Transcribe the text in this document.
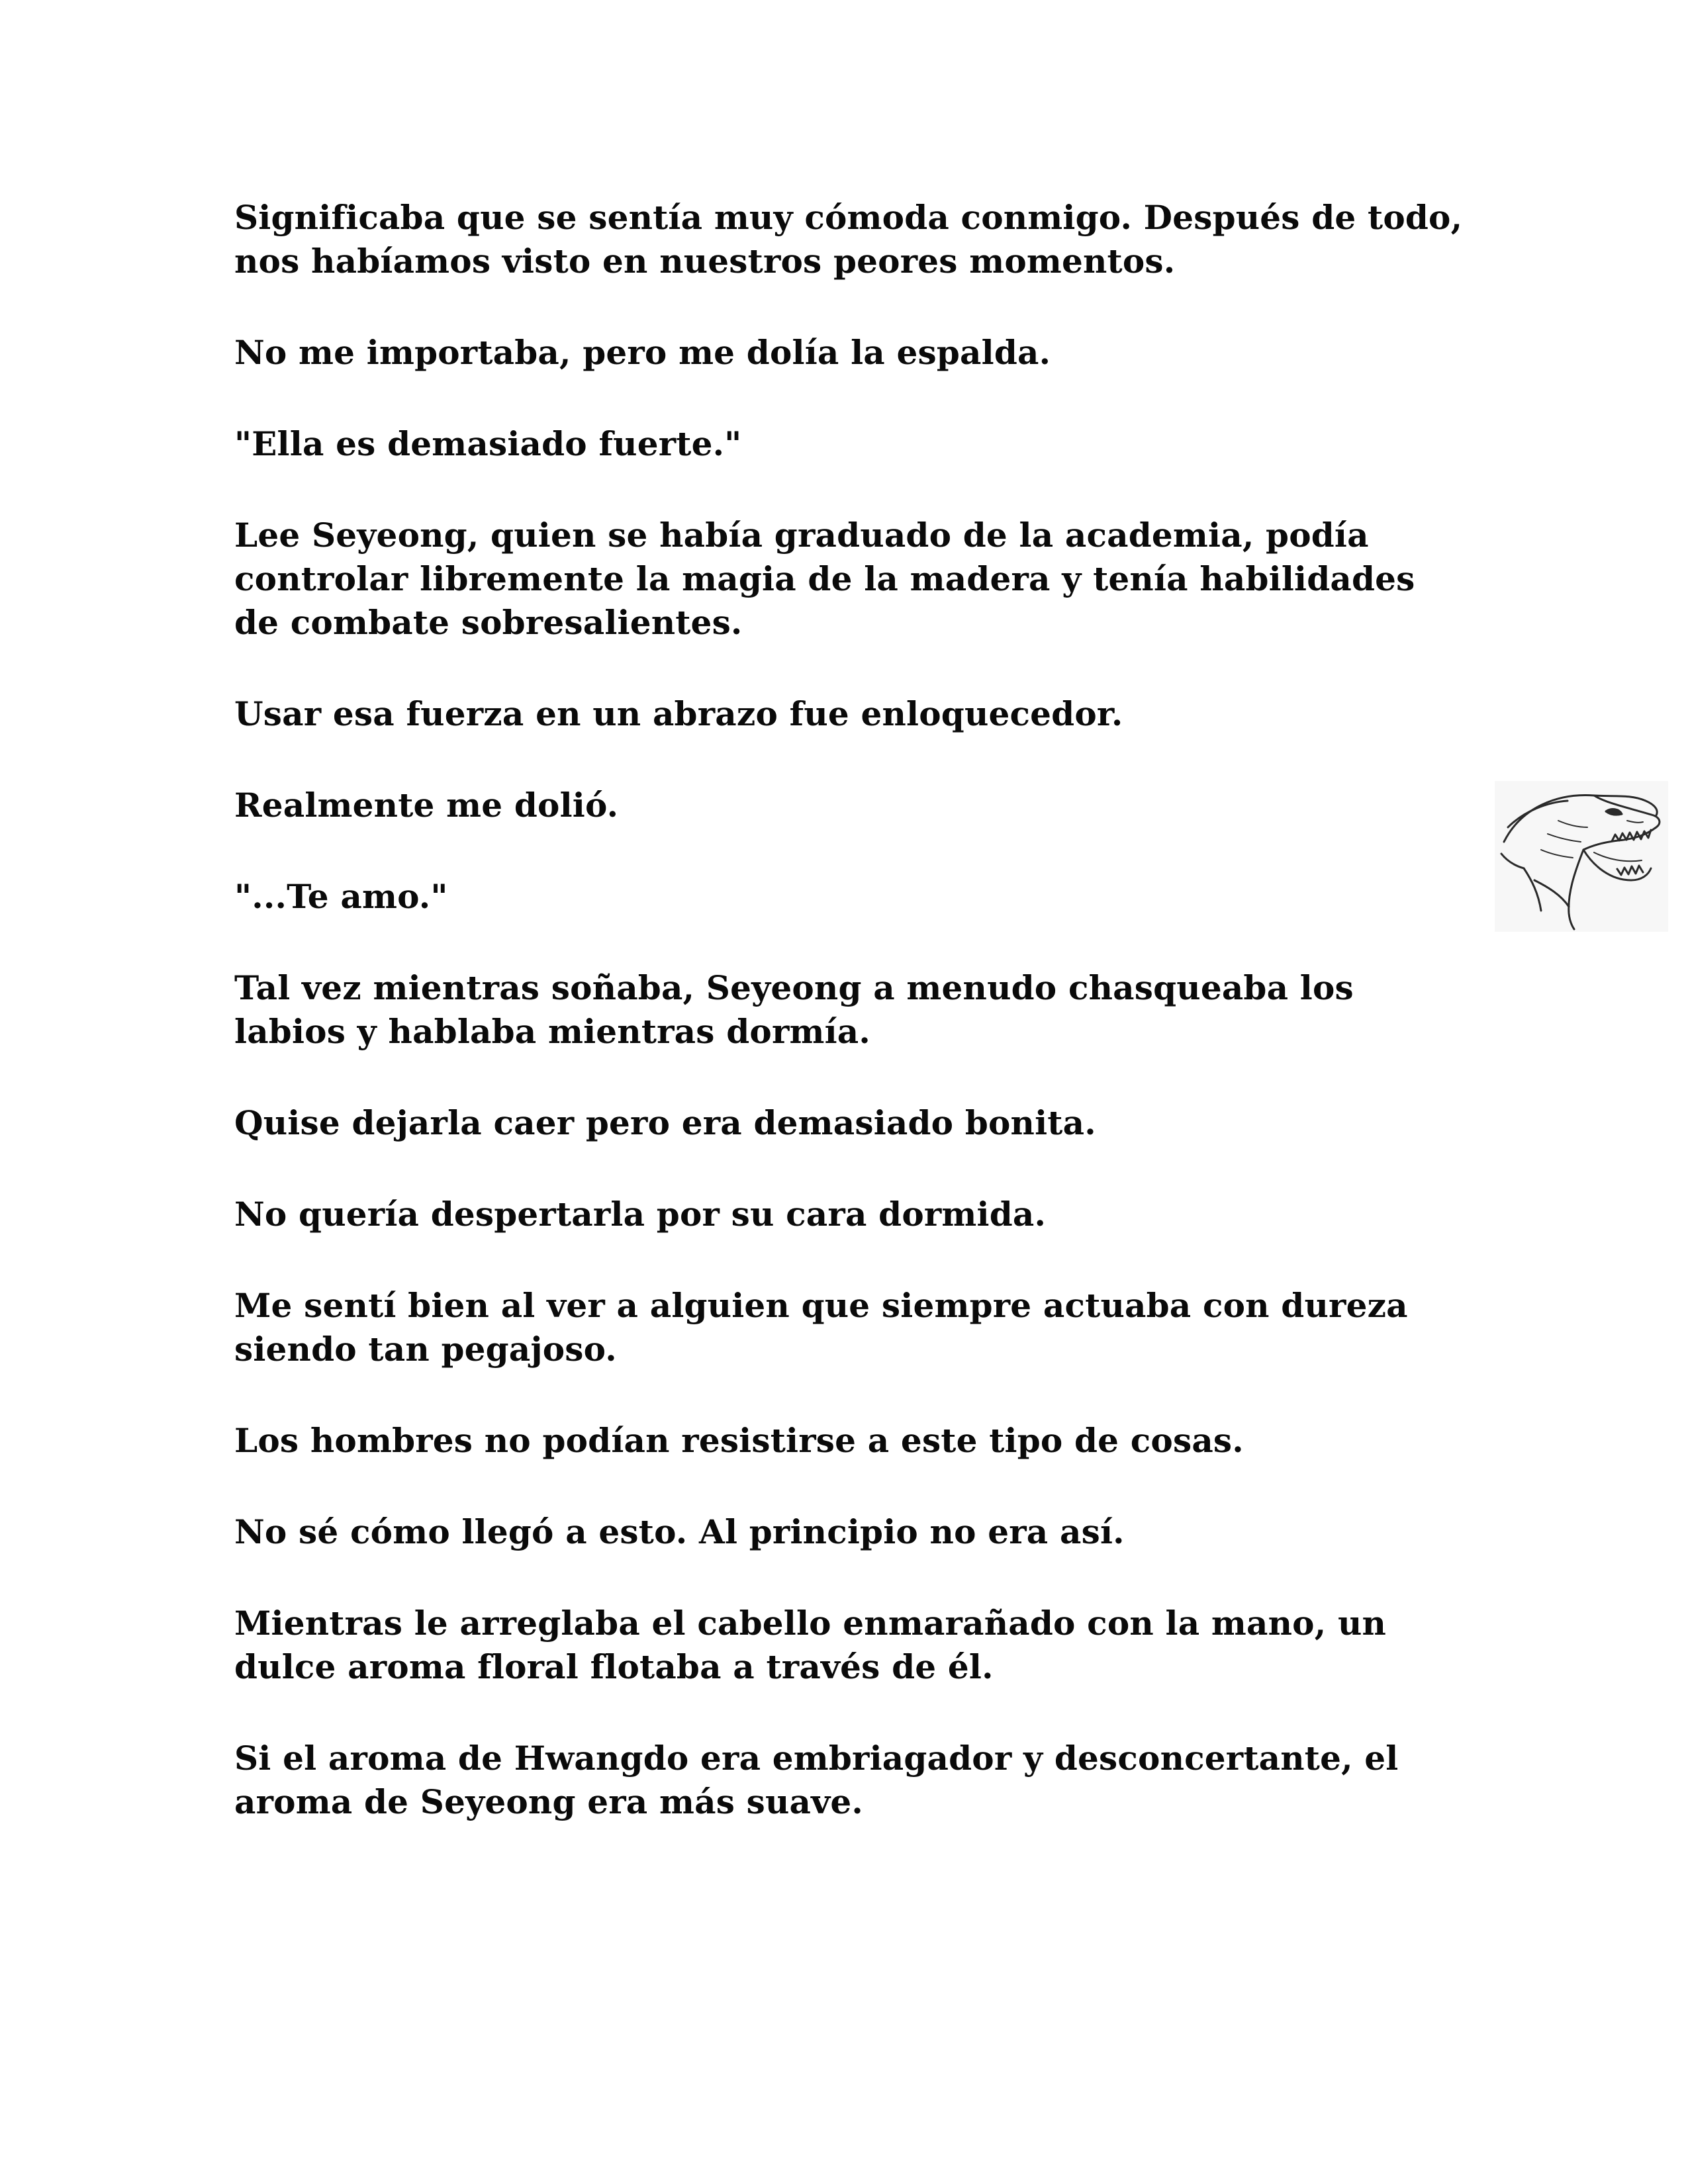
Significaba que se sentía muy cómoda conmigo. Después de todo, nos habíamos visto en nuestros peores momentos.

No me importaba, pero me dolía la espalda.

"Ella es demasiado fuerte."

Lee Seyeong, quien se había graduado de la academia, podía controlar libremente la magia de la madera y tenía habilidades de combate sobresalientes.

Usar esa fuerza en un abrazo fue enloquecedor.

Realmente me dolió.

"...Te amo."

Tal vez mientras soñaba, Seyeong a menudo chasqueaba los labios y hablaba mientras dormía.

Quise dejarla caer pero era demasiado bonita.

No quería despertarla por su cara dormida.

Me sentí bien al ver a alguien que siempre actuaba con dureza siendo tan pegajoso.

Los hombres no podían resistirse a este tipo de cosas.

No sé cómo llegó a esto. Al principio no era así.

Mientras le arreglaba el cabello enmarañado con la mano, un dulce aroma floral flotaba a través de él.

Si el aroma de Hwangdo era embriagador y desconcertante, el aroma de Seyeong era más suave.
